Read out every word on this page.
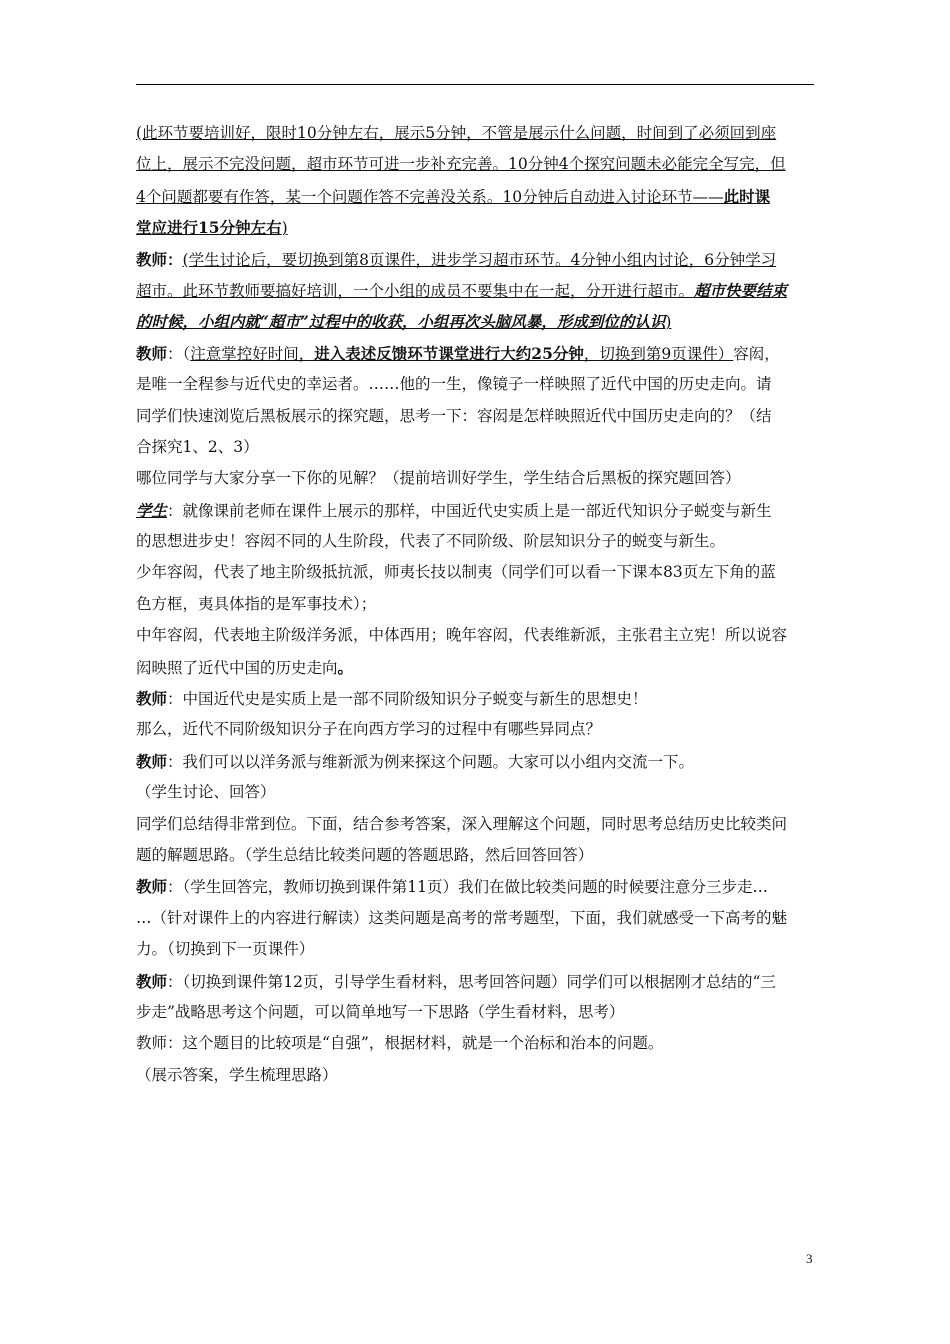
(此环节要培训好，限时10分钟左右，展示5分钟，不管是展示什么问题，时间到了必须回到座
位上，展示不完没问题，超市环节可进一步补充完善。10分钟4个探究问题未必能完全写完，但
4个问题都要有作答，某一个问题作答不完善没关系。10分钟后自动进入讨论环节——此时课
堂应进行15分钟左右)
教师：(学生讨论后，要切换到第8页课件，进步学习超市环节。4分钟小组内讨论，6分钟学习
超市。此环节教师要搞好培训，一个小组的成员不要集中在一起，分开进行超市。超市快要结束
的时候，小组内就“超市”过程中的收获，小组再次头脑风暴，形成到位的认识)
教师：（注意掌控好时间，进入表述反馈环节课堂进行大约25分钟，切换到第9页课件）容闳，
是唯一全程参与近代史的幸运者。……他的一生，像镜子一样映照了近代中国的历史走向。请
同学们快速浏览后黑板展示的探究题，思考一下：容闳是怎样映照近代中国历史走向的？（结
合探究1、2、3）
哪位同学与大家分享一下你的见解？（提前培训好学生，学生结合后黑板的探究题回答）
学生：就像课前老师在课件上展示的那样，中国近代史实质上是一部近代知识分子蜕变与新生
的思想进步史！容闳不同的人生阶段，代表了不同阶级、阶层知识分子的蜕变与新生。
少年容闳，代表了地主阶级抵抗派，师夷长技以制夷（同学们可以看一下课本83页左下角的蓝
色方框，夷具体指的是军事技术）；
中年容闳，代表地主阶级洋务派，中体西用；晚年容闳，代表维新派，主张君主立宪！所以说容
闳映照了近代中国的历史走向。
教师：中国近代史是实质上是一部不同阶级知识分子蜕变与新生的思想史！
那么，近代不同阶级知识分子在向西方学习的过程中有哪些异同点？
教师：我们可以以洋务派与维新派为例来探这个问题。大家可以小组内交流一下。
（学生讨论、回答）
同学们总结得非常到位。下面，结合参考答案，深入理解这个问题，同时思考总结历史比较类问
题的解题思路。（学生总结比较类问题的答题思路，然后回答回答）
教师：（学生回答完，教师切换到课件第11页）我们在做比较类问题的时候要注意分三步走…
…（针对课件上的内容进行解读）这类问题是高考的常考题型，下面，我们就感受一下高考的魅
力。（切换到下一页课件）
教师：（切换到课件第12页，引导学生看材料，思考回答问题）同学们可以根据刚才总结的“三
步走”战略思考这个问题，可以简单地写一下思路（学生看材料，思考）
教师：这个题目的比较项是“自强”，根据材料，就是一个治标和治本的问题。
（展示答案，学生梳理思路）
3
